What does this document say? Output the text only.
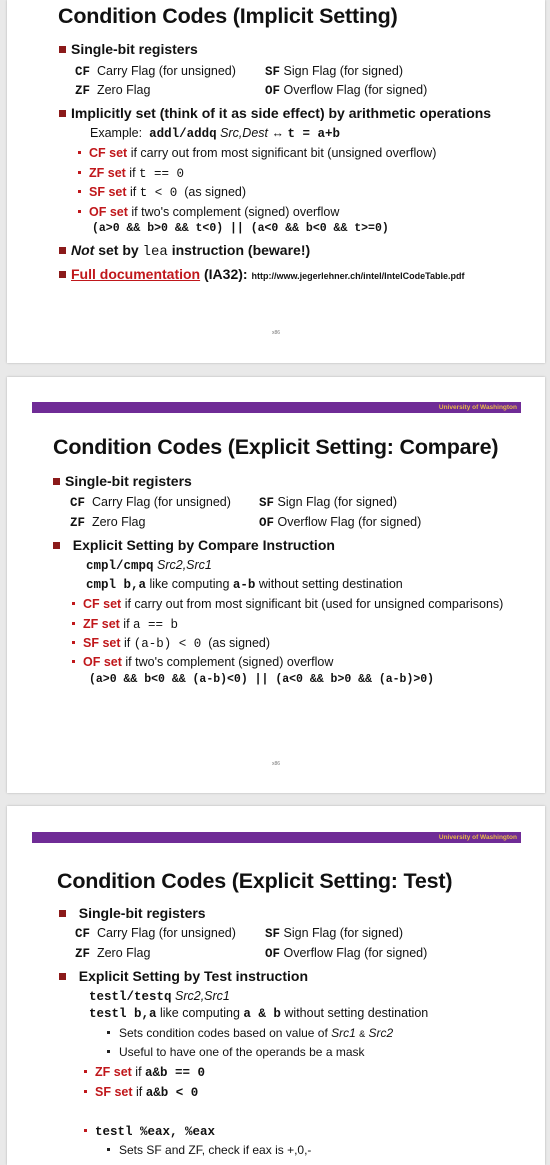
Condition Codes (Implicit Setting)
Single-bit registers
CF Carry Flag (for unsigned) SF Sign Flag (for signed)
ZF Zero Flag	OF Overflow Flag (for signed)
Implicitly set (think of it as side effect) by arithmetic operations
Example: addl/addq Src,Dest ↔ t = a+b
CF set if carry out from most significant bit (unsigned overflow)
ZF set if t == 0
SF set if t < 0 (as signed)
OF set if two's complement (signed) overflow
(a>0 && b>0 && t<0) || (a<0 && b<0 && t>=0)
Not set by lea instruction (beware!)
Full documentation (IA32): http://www.jegerlehner.ch/intel/IntelCodeTable.pdf
x86
University of Washington
Condition Codes (Explicit Setting: Compare)
Single-bit registers
CF Carry Flag (for unsigned) SF Sign Flag (for signed)
ZF Zero Flag	OF Overflow Flag (for signed)
Explicit Setting by Compare Instruction
cmpl/cmpq Src2,Src1
cmpl b,a like computing a-b without setting destination
CF set if carry out from most significant bit (used for unsigned comparisons)
ZF set if a == b
SF set if (a-b) < 0 (as signed)
OF set if two's complement (signed) overflow
(a>0 && b<0 && (a-b)<0) || (a<0 && b>0 && (a-b)>0)
x86
University of Washington
Condition Codes (Explicit Setting: Test)
Single-bit registers
CF Carry Flag (for unsigned) SF Sign Flag (for signed)
ZF Zero Flag	OF Overflow Flag (for signed)
Explicit Setting by Test instruction
testl/testq Src2,Src1
testl b,a like computing a & b without setting destination
Sets condition codes based on value of Src1 & Src2
Useful to have one of the operands be a mask
ZF set if a&b == 0
SF set if a&b < 0
testl %eax, %eax
Sets SF and ZF, check if eax is +,0,-
